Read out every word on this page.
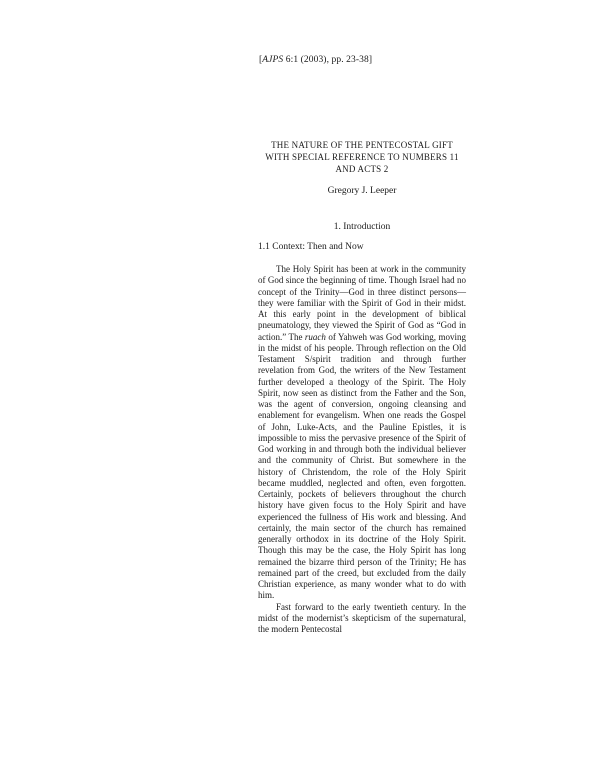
[AJPS 6:1 (2003), pp. 23-38]
THE NATURE OF THE PENTECOSTAL GIFT
WITH SPECIAL REFERENCE TO NUMBERS 11 AND ACTS 2
Gregory J. Leeper
1. Introduction
1.1 Context: Then and Now

The Holy Spirit has been at work in the community of God since the beginning of time. Though Israel had no concept of the Trinity—God in three distinct persons—they were familiar with the Spirit of God in their midst. At this early point in the development of biblical pneumatology, they viewed the Spirit of God as “God in action.” The ruach of Yahweh was God working, moving in the midst of his people. Through reflection on the Old Testament S/spirit tradition and through further revelation from God, the writers of the New Testament further developed a theology of the Spirit. The Holy Spirit, now seen as distinct from the Father and the Son, was the agent of conversion, ongoing cleansing and enablement for evangelism. When one reads the Gospel of John, Luke-Acts, and the Pauline Epistles, it is impossible to miss the pervasive presence of the Spirit of God working in and through both the individual believer and the community of Christ. But somewhere in the history of Christendom, the role of the Holy Spirit became muddled, neglected and often, even forgotten. Certainly, pockets of believers throughout the church history have given focus to the Holy Spirit and have experienced the fullness of His work and blessing. And certainly, the main sector of the church has remained generally orthodox in its doctrine of the Holy Spirit. Though this may be the case, the Holy Spirit has long remained the bizarre third person of the Trinity; He has remained part of the creed, but excluded from the daily Christian experience, as many wonder what to do with him.

Fast forward to the early twentieth century. In the midst of the modernist’s skepticism of the supernatural, the modern Pentecostal
